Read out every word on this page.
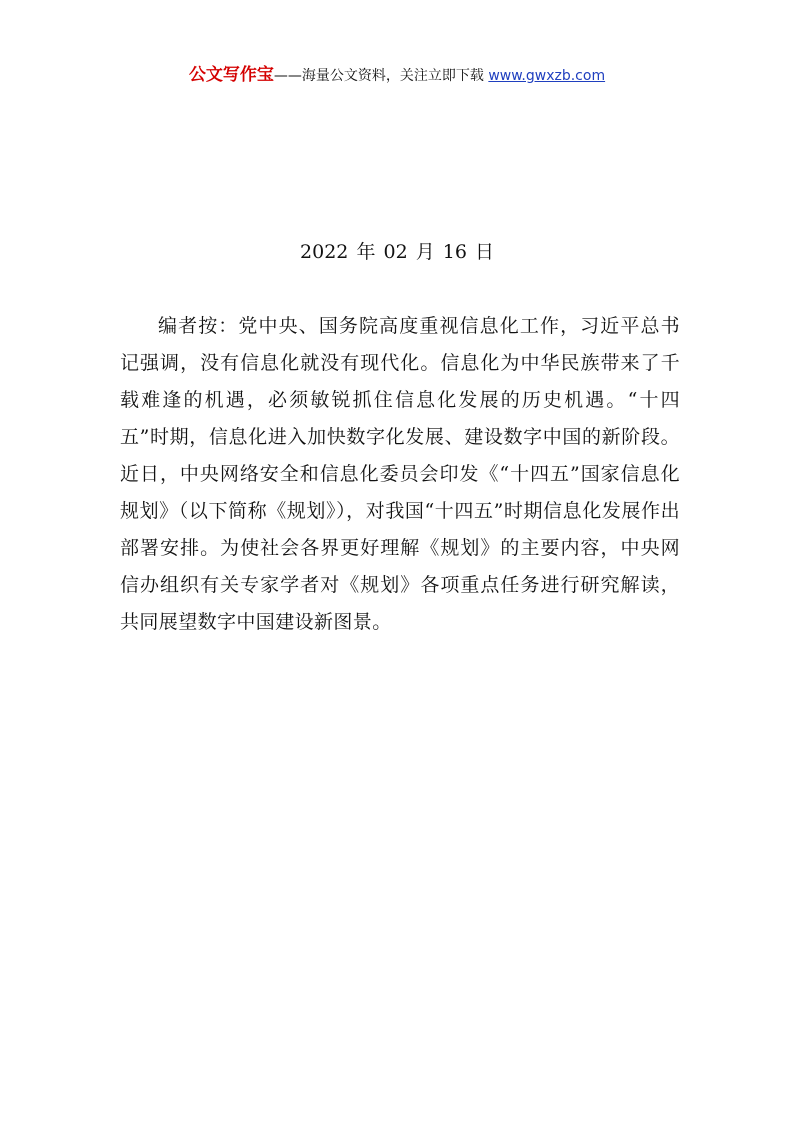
公文写作宝——海量公文资料，关注立即下载 www.gwxzb.com
2022 年 02 月 16 日

编者按：党中央、国务院高度重视信息化工作，习近平总书记强调，没有信息化就没有现代化。信息化为中华民族带来了千载难逢的机遇，必须敏锐抓住信息化发展的历史机遇。“十四五”时期，信息化进入加快数字化发展、建设数字中国的新阶段。近日，中央网络安全和信息化委员会印发《“十四五”国家信息化规划》（以下简称《规划》），对我国“十四五”时期信息化发展作出部署安排。为使社会各界更好理解《规划》的主要内容，中央网信办组织有关专家学者对《规划》各项重点任务进行研究解读，共同展望数字中国建设新图景。
